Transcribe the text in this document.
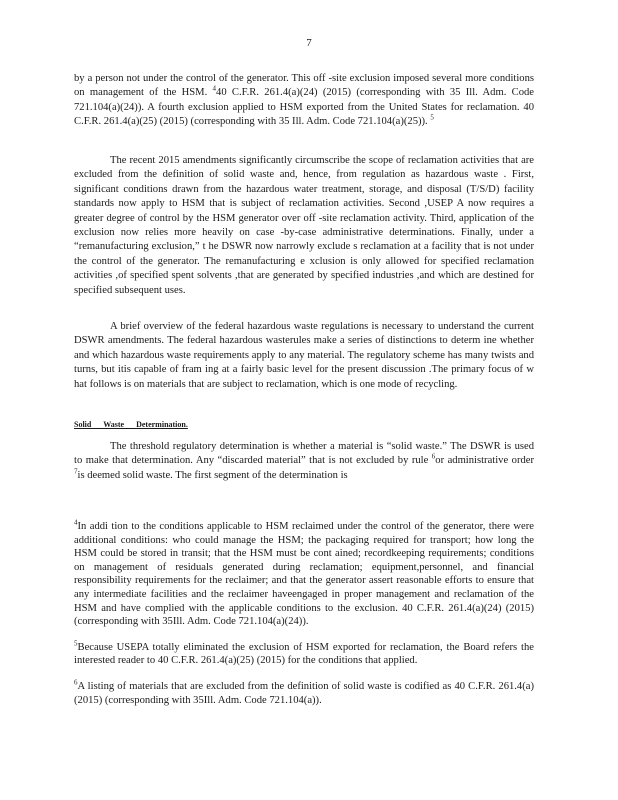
7

by a person not under the control of the generator. This off -site exclusion imposed several more conditions on management of the HSM. $^4$40 C.F.R. 261.4(a)(24) (2015) (corresponding with 35 Ill. Adm. Code 721.104(a)(24)). A fourth exclusion applied to HSM exported from the United States for reclamation. 40 C.F.R. 261.4(a)(25) (2015) (corresponding with 35 Ill. Adm. Code 721.104(a)(25)). $^5$

The recent 2015 amendments significantly circumscribe the scope of reclamation activities that are excluded from the definition of solid waste and, hence, from regulation as hazardous waste . First, significant conditions drawn from the hazardous water treatment, storage, and disposal (T/S/D) facility standards now apply to HSM that is subject of reclamation activities. Second ,USEP A now requires a greater degree of control by the HSM generator over off -site reclamation activity. Third, application of the exclusion now relies more heavily on case -by-case administrative determinations. Finally, under a “remanufacturing exclusion,” t he DSWR now narrowly exclude s reclamation at a facility that is not under the control of the generator. The remanufacturing e xclusion is only allowed for specified reclamation activities ,of specified spent solvents ,that are generated by specified industries ,and which are destined for specified subsequent uses.

A brief overview of the federal hazardous waste regulations is necessary to understand the current DSWR amendments. The federal hazardous wasterules make a series of distinctions to determ ine whether and which hazardous waste requirements apply to any material. The regulatory scheme has many twists and turns, but itis capable of fram ing at a fairly basic level for the present discussion .The primary focus of w hat follows is on materials that are subject to reclamation, which is one mode of recycling.

Solid Waste Determination.

The threshold regulatory determination is whether a material is “solid waste.” The DSWR is used to make that determination. Any “discarded material” that is not excluded by rule $^6$or administrative order $^7$is deemed solid waste. The first segment of the determination is

$^4$In addi tion to the conditions applicable to HSM reclaimed under the control of the generator, there were additional conditions: who could manage the HSM; the packaging required for transport; how long the HSM could be stored in transit; that the HSM must be cont ained; recordkeeping requirements; conditions on management of residuals generated during reclamation; equipment,personnel, and financial responsibility requirements for the reclaimer; and that the generator assert reasonable efforts to ensure that any intermediate facilities and the reclaimer haveengaged in proper management and reclamation of the HSM and have complied with the applicable conditions to the exclusion. 40 C.F.R. 261.4(a)(24) (2015) (corresponding with 35Ill. Adm. Code 721.104(a)(24)).

$^5$Because USEPA totally eliminated the exclusion of HSM exported for reclamation, the Board refers the interested reader to 40 C.F.R. 261.4(a)(25) (2015) for the conditions that applied.

$^6$A listing of materials that are excluded from the definition of solid waste is codified as 40 C.F.R. 261.4(a) (2015) (corresponding with 35Ill. Adm. Code 721.104(a)).
